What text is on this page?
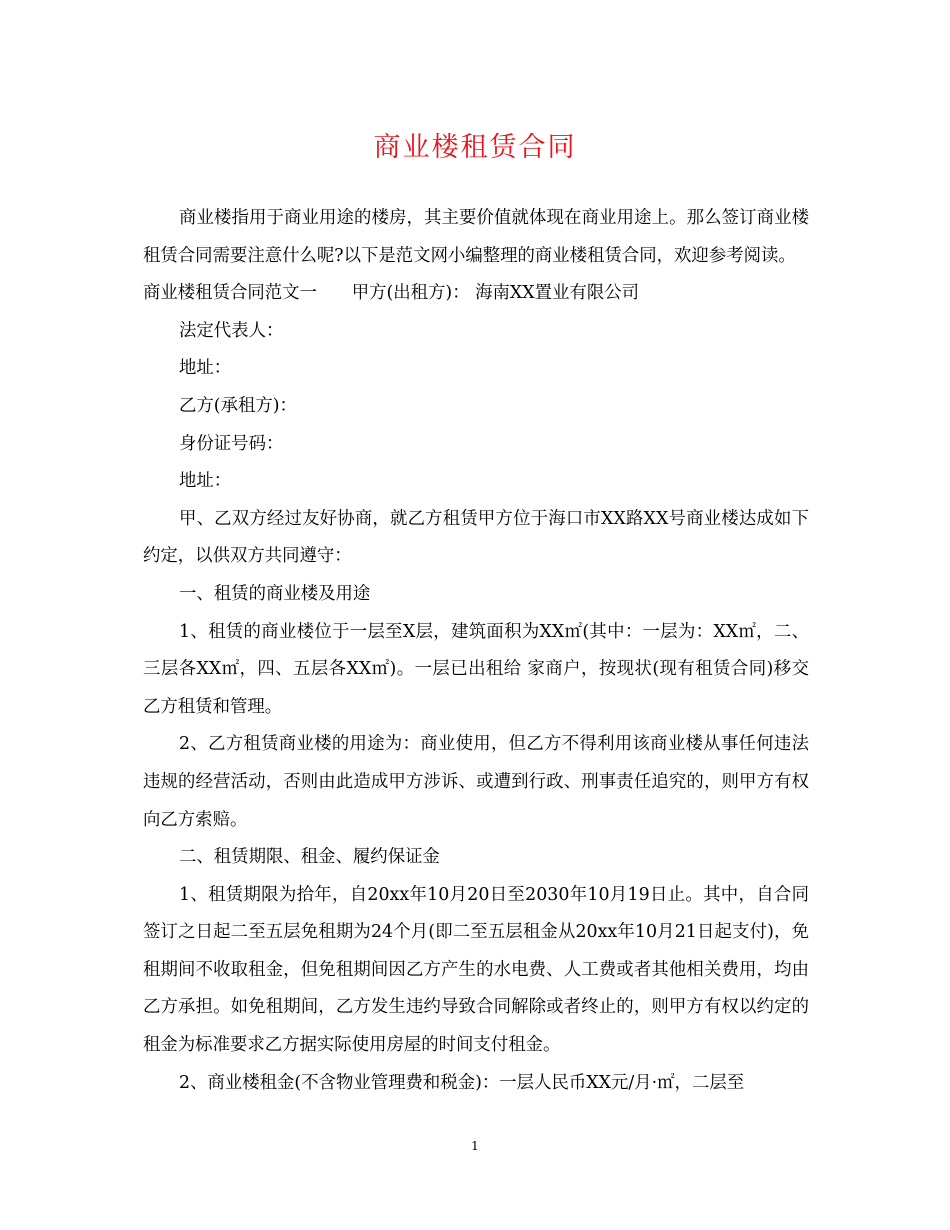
商业楼租赁合同

商业楼指用于商业用途的楼房，其主要价值就体现在商业用途上。那么签订商业楼租赁合同需要注意什么呢?以下是范文网小编整理的商业楼租赁合同，欢迎参考阅读。

商业楼租赁合同范文一　　甲方(出租方)： 海南XX置业有限公司

法定代表人：

地址：

乙方(承租方)：

身份证号码：

地址：

甲、乙双方经过友好协商，就乙方租赁甲方位于海口市XX路XX号商业楼达成如下约定，以供双方共同遵守：

一、租赁的商业楼及用途

1、租赁的商业楼位于一层至X层，建筑面积为XX㎡(其中：一层为：XX㎡，二、三层各XX㎡，四、五层各XX㎡)。一层已出租给 家商户，按现状(现有租赁合同)移交乙方租赁和管理。

2、乙方租赁商业楼的用途为：商业使用，但乙方不得利用该商业楼从事任何违法违规的经营活动，否则由此造成甲方涉诉、或遭到行政、刑事责任追究的，则甲方有权向乙方索赔。

二、租赁期限、租金、履约保证金

1、租赁期限为拾年，自20xx年10月20日至2030年10月19日止。其中，自合同签订之日起二至五层免租期为24个月(即二至五层租金从20xx年10月21日起支付)，免租期间不收取租金，但免租期间因乙方产生的水电费、人工费或者其他相关费用，均由乙方承担。如免租期间，乙方发生违约导致合同解除或者终止的，则甲方有权以约定的租金为标准要求乙方据实际使用房屋的时间支付租金。

2、商业楼租金(不含物业管理费和税金)：一层人民币XX元/月·㎡，二层至

1
